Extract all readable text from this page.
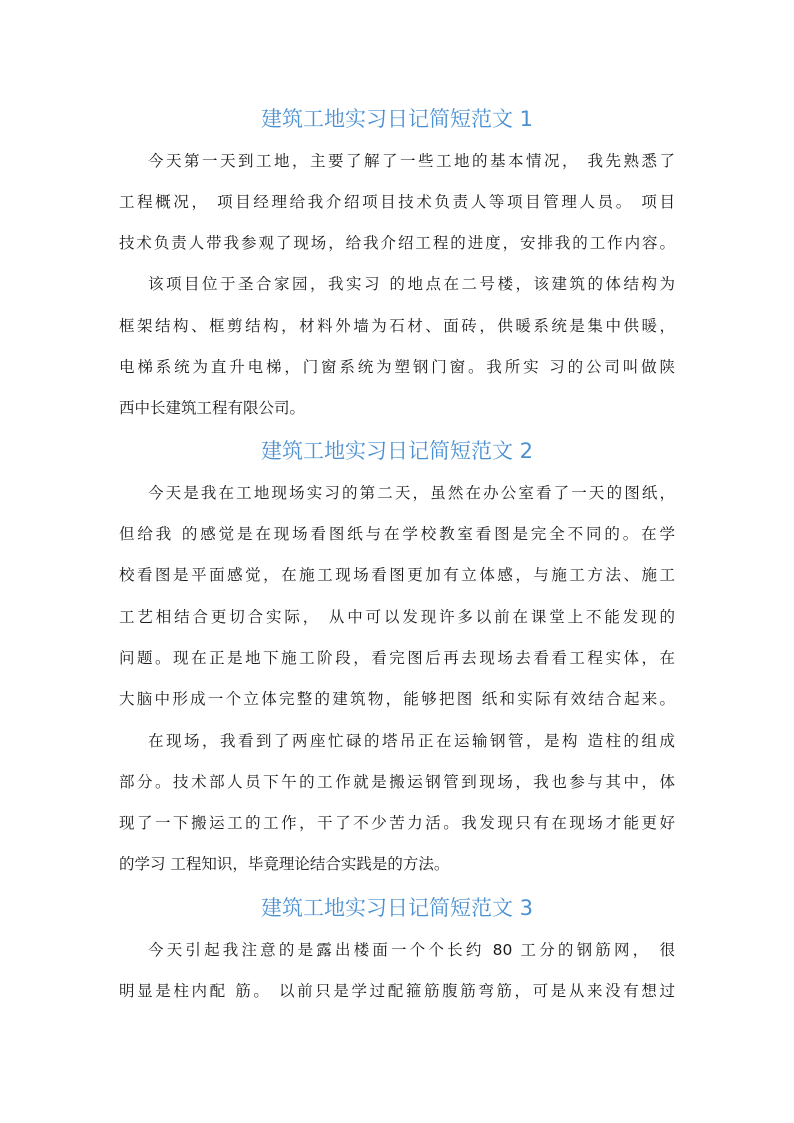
建筑工地实习日记简短范文 1
今天第一天到工地，主要了解了一些工地的基本情况， 我先熟悉了
工程概况， 项目经理给我介绍项目技术负责人等项目管理人员。 项目
技术负责人带我参观了现场，给我介绍工程的进度，安排我的工作内容。
该项目位于圣合家园，我实习 的地点在二号楼，该建筑的体结构为
框架结构、框剪结构，材料外墙为石材、面砖，供暖系统是集中供暖，
电梯系统为直升电梯，门窗系统为塑钢门窗。我所实 习的公司叫做陕
西中长建筑工程有限公司。
建筑工地实习日记简短范文 2
今天是我在工地现场实习的第二天，虽然在办公室看了一天的图纸，
但给我 的感觉是在现场看图纸与在学校教室看图是完全不同的。在学
校看图是平面感觉，在施工现场看图更加有立体感，与施工方法、施工
工艺相结合更切合实际， 从中可以发现许多以前在课堂上不能发现的
问题。现在正是地下施工阶段，看完图后再去现场去看看工程实体，在
大脑中形成一个立体完整的建筑物，能够把图 纸和实际有效结合起来。
在现场，我看到了两座忙碌的塔吊正在运输钢管，是构 造柱的组成
部分。技术部人员下午的工作就是搬运钢管到现场，我也参与其中，体
现了一下搬运工的工作，干了不少苦力活。我发现只有在现场才能更好
的学习 工程知识，毕竟理论结合实践是的方法。
建筑工地实习日记简短范文 3
今天引起我注意的是露出楼面一个个长约 80 工分的钢筋网， 很
明显是柱内配 筋。 以前只是学过配箍筋腹筋弯筋，可是从来没有想过
